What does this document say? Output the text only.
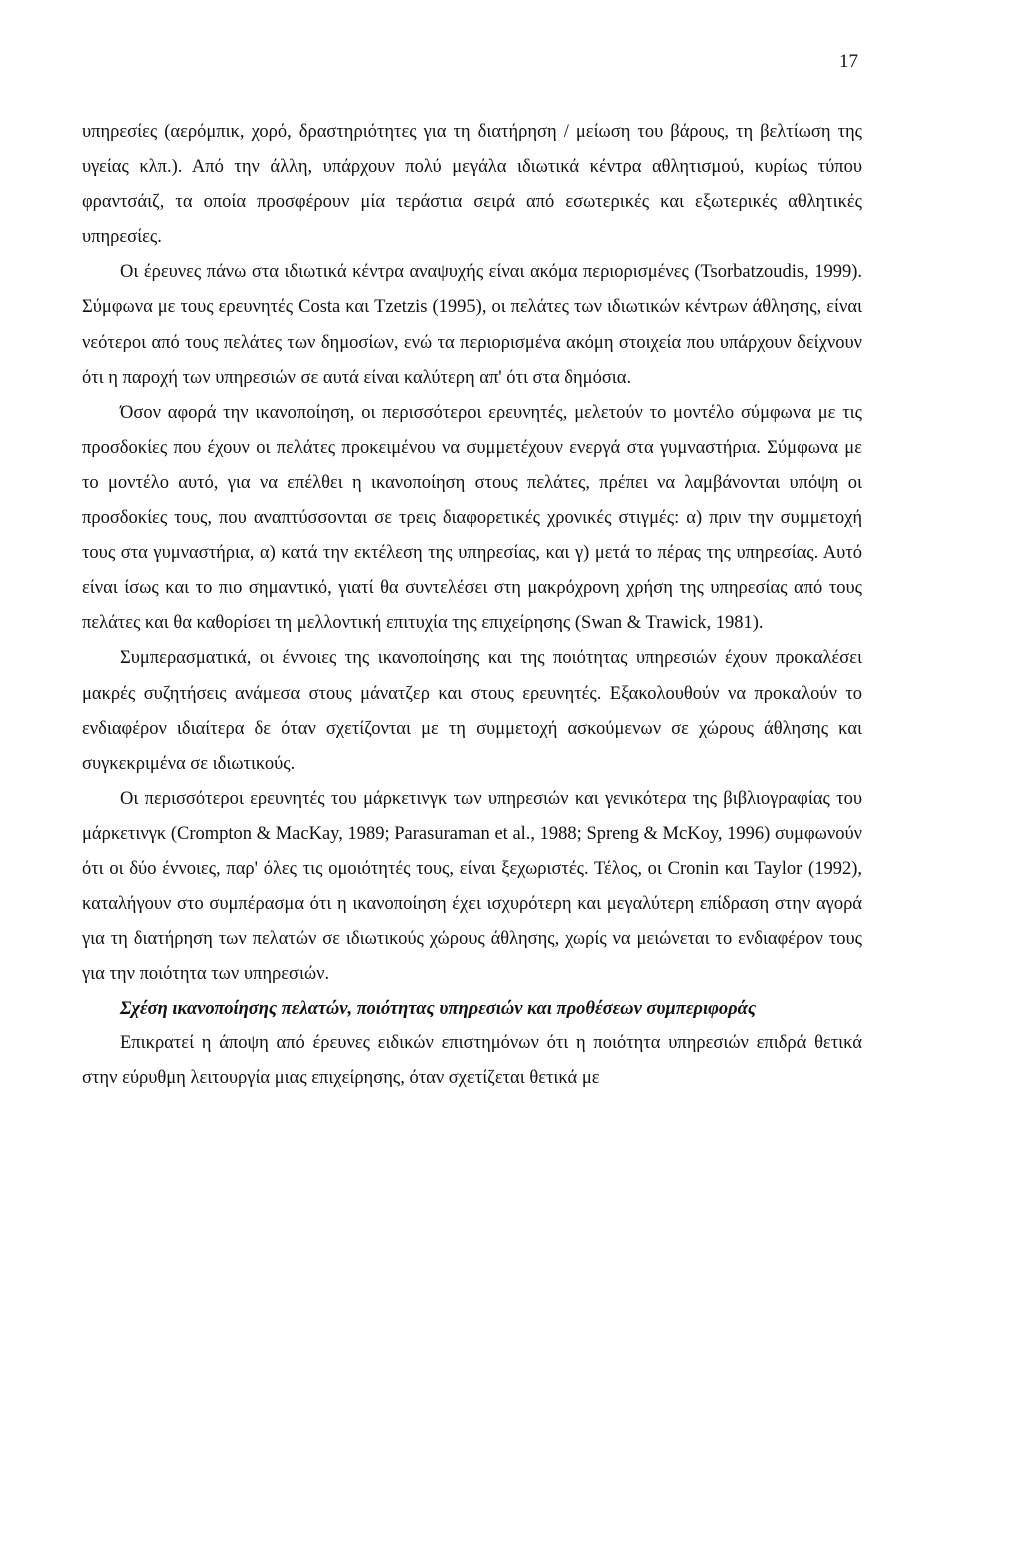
17

υπηρεσίες (αερόμπικ, χορό, δραστηριότητες για τη διατήρηση / μείωση του βάρους, τη βελτίωση της υγείας κλπ.). Από την άλλη, υπάρχουν πολύ μεγάλα ιδιωτικά κέντρα αθλητισμού, κυρίως τύπου φραντσάιζ, τα οποία προσφέρουν μία τεράστια σειρά από εσωτερικές και εξωτερικές αθλητικές υπηρεσίες.

Οι έρευνες πάνω στα ιδιωτικά κέντρα αναψυχής είναι ακόμα περιορισμένες (Tsorbatzoudis, 1999). Σύμφωνα με τους ερευνητές Costa και Tzetzis (1995), οι πελάτες των ιδιωτικών κέντρων άθλησης, είναι νεότεροι από τους πελάτες των δημοσίων, ενώ τα περιορισμένα ακόμη στοιχεία που υπάρχουν δείχνουν ότι η παροχή των υπηρεσιών σε αυτά είναι καλύτερη απ' ότι στα δημόσια.

Όσον αφορά την ικανοποίηση, οι περισσότεροι ερευνητές, μελετούν το μοντέλο σύμφωνα με τις προσδοκίες που έχουν οι πελάτες προκειμένου να συμμετέχουν ενεργά στα γυμναστήρια. Σύμφωνα με το μοντέλο αυτό, για να επέλθει η ικανοποίηση στους πελάτες, πρέπει να λαμβάνονται υπόψη οι προσδοκίες τους, που αναπτύσσονται σε τρεις διαφορετικές χρονικές στιγμές: α) πριν την συμμετοχή τους στα γυμναστήρια, α) κατά την εκτέλεση της υπηρεσίας, και γ) μετά το πέρας της υπηρεσίας. Αυτό είναι ίσως και το πιο σημαντικό, γιατί θα συντελέσει στη μακρόχρονη χρήση της υπηρεσίας από τους πελάτες και θα καθορίσει τη μελλοντική επιτυχία της επιχείρησης (Swan & Trawick, 1981).

Συμπερασματικά, οι έννοιες της ικανοποίησης και της ποιότητας υπηρεσιών έχουν προκαλέσει μακρές συζητήσεις ανάμεσα στους μάνατζερ και στους ερευνητές. Εξακολουθούν να προκαλούν το ενδιαφέρον ιδιαίτερα δε όταν σχετίζονται με τη συμμετοχή ασκούμενων σε χώρους άθλησης και συγκεκριμένα σε ιδιωτικούς.

Οι περισσότεροι ερευνητές του μάρκετινγκ των υπηρεσιών και γενικότερα της βιβλιογραφίας του μάρκετινγκ (Crompton & MacKay, 1989; Parasuraman et al., 1988; Spreng & McKoy, 1996) συμφωνούν ότι οι δύο έννοιες, παρ' όλες τις ομοιότητές τους, είναι ξεχωριστές. Τέλος, οι Cronin και Taylor (1992), καταλήγουν στο συμπέρασμα ότι η ικανοποίηση έχει ισχυρότερη και μεγαλύτερη επίδραση στην αγορά για τη διατήρηση των πελατών σε ιδιωτικούς χώρους άθλησης, χωρίς να μειώνεται το ενδιαφέρον τους για την ποιότητα των υπηρεσιών.

Σχέση ικανοποίησης πελατών, ποιότητας υπηρεσιών και προθέσεων συμπεριφοράς

Επικρατεί η άποψη από έρευνες ειδικών επιστημόνων ότι η ποιότητα υπηρεσιών επιδρά θετικά στην εύρυθμη λειτουργία μιας επιχείρησης, όταν σχετίζεται θετικά με
